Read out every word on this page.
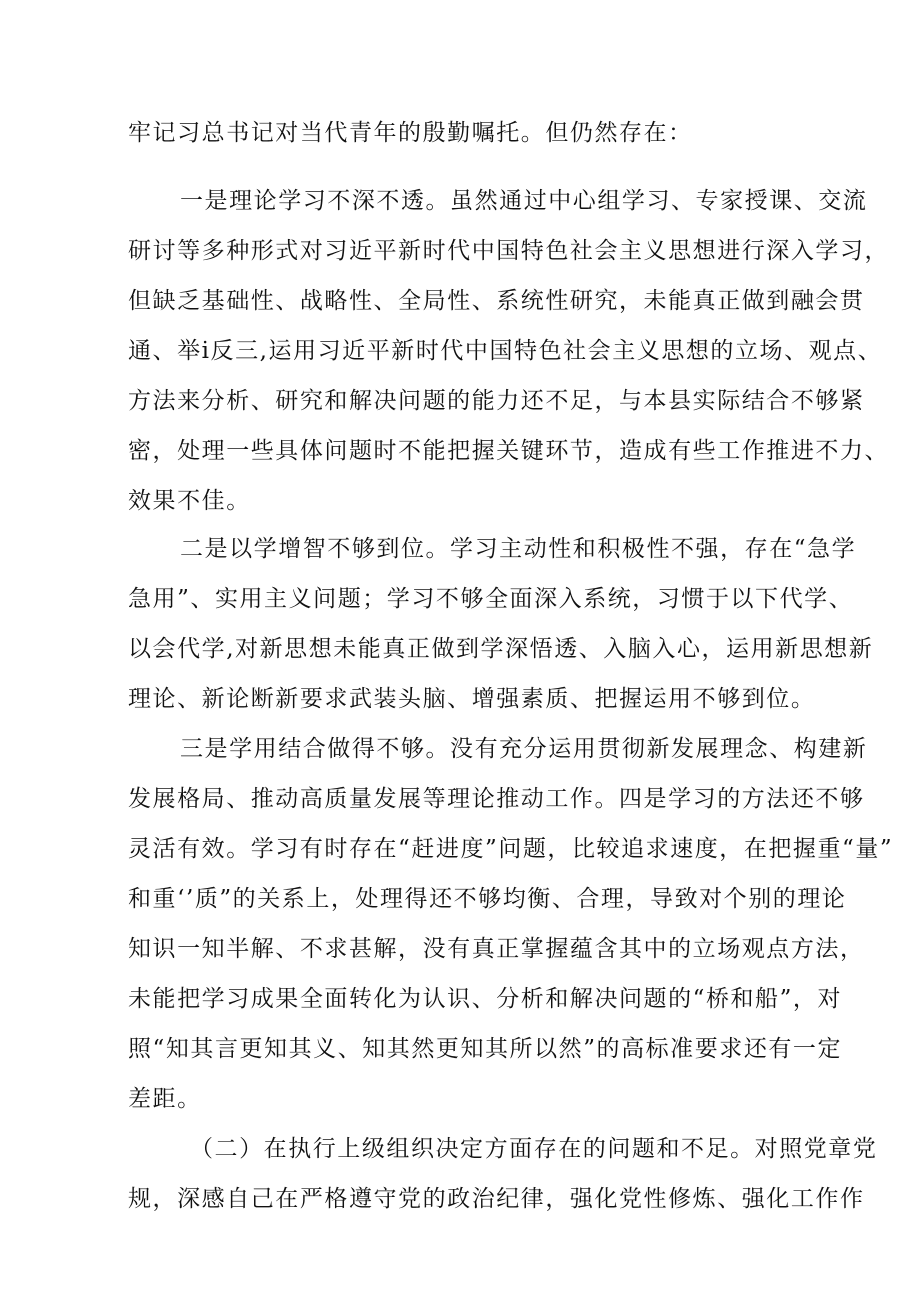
牢记习总书记对当代青年的殷勤嘱托。但仍然存在：
一是理论学习不深不透。虽然通过中心组学习、专家授课、交流
研讨等多种形式对习近平新时代中国特色社会主义思想进行深入学习，
但缺乏基础性、战略性、全局性、系统性研究，未能真正做到融会贯
通、举i反三,运用习近平新时代中国特色社会主义思想的立场、观点、
方法来分析、研究和解决问题的能力还不足，与本县实际结合不够紧
密，处理一些具体问题时不能把握关键环节，造成有些工作推进不力、
效果不佳。
二是以学增智不够到位。学习主动性和积极性不强，存在“急学
急用”、实用主义问题；学习不够全面深入系统，习惯于以下代学、
以会代学,对新思想未能真正做到学深悟透、入脑入心，运用新思想新
理论、新论断新要求武装头脑、增强素质、把握运用不够到位。
三是学用结合做得不够。没有充分运用贯彻新发展理念、构建新
发展格局、推动高质量发展等理论推动工作。四是学习的方法还不够
灵活有效。学习有时存在“赶进度”问题，比较追求速度，在把握重“量”
和重‘’质”的关系上，处理得还不够均衡、合理，导致对个别的理论
知识一知半解、不求甚解，没有真正掌握蕴含其中的立场观点方法，
未能把学习成果全面转化为认识、分析和解决问题的“桥和船”，对
照“知其言更知其义、知其然更知其所以然”的高标准要求还有一定
差距。
（二）在执行上级组织决定方面存在的问题和不足。对照党章党
规，深感自己在严格遵守党的政治纪律，强化党性修炼、强化工作作
